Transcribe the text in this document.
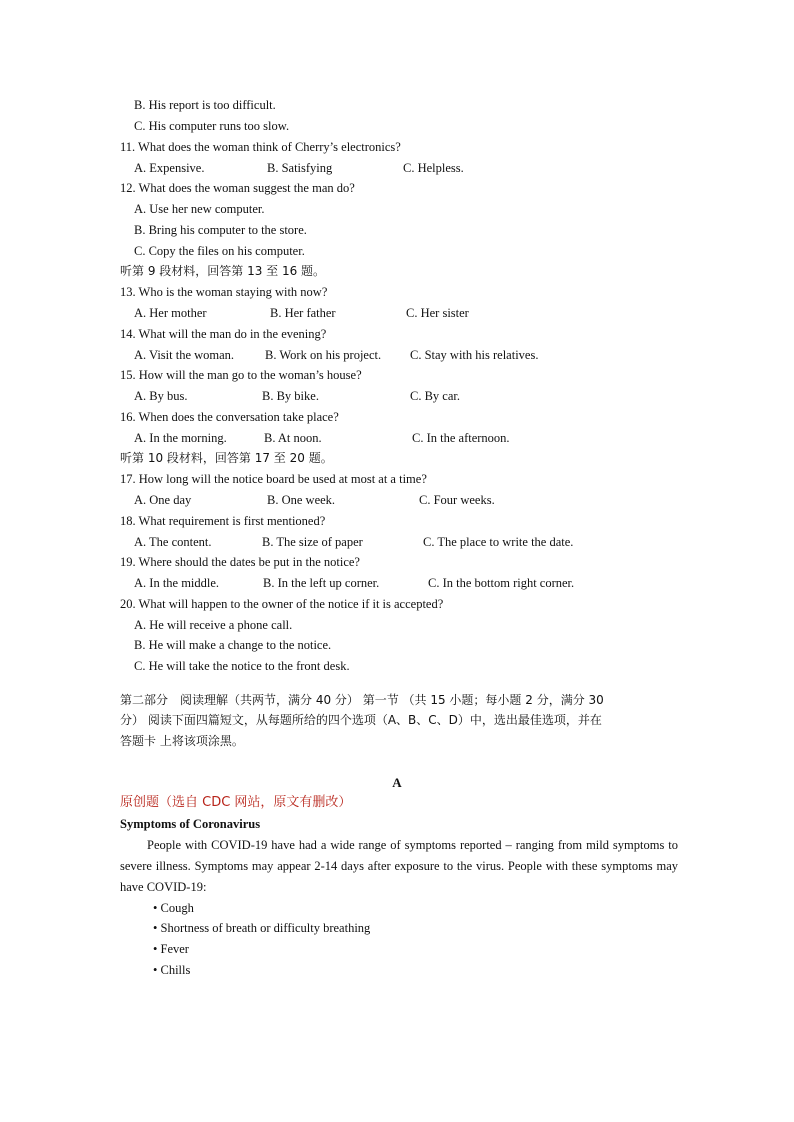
B. His report is too difficult.
C. His computer runs too slow.
11. What does the woman think of Cherry’s electronics?
A. Expensive.	B. Satisfying	C. Helpless.
12. What does the woman suggest the man do?
A. Use her new computer.
B. Bring his computer to the store.
C. Copy the files on his computer.
听第 9 段材料，回答第 13 至 16 题。
13. Who is the woman staying with now?
A. Her mother	B. Her father	C. Her sister
14. What will the man do in the evening?
A. Visit the woman. B. Work on his project. C. Stay with his relatives.
15. How will the man go to the woman’s house?
A. By bus.	B. By bike.	C. By car.
16. When does the conversation take place?
A. In the morning.	B. At noon.	C. In the afternoon.
听第 10 段材料，回答第 17 至 20 题。
17. How long will the notice board be used at most at a time?
A. One day	B. One week.	C. Four weeks.
18. What requirement is first mentioned?
A. The content.	B. The size of paper	C. The place to write the date.
19. Where should the dates be put in the notice?
A. In the middle.	B. In the left up corner.	C. In the bottom right corner.
20. What will happen to the owner of the notice if it is accepted?
A. He will receive a phone call.
B. He will make a change to the notice.
C. He will take the notice to the front desk.
第二部分　阅读理解（共两节，满分 40 分） 第一节 （共 15 小题；每小题 2 分，满分 30
分） 阅读下面四篇短文，从每题所给的四个选项（A、B、C、D）中，选出最佳选项，并在
答题卡 上将该项涂黑。
A
原创题（选自 CDC 网站，原文有删改）
Symptoms of Coronavirus
People with COVID-19 have had a wide range of symptoms reported – ranging from mild symptoms to severe illness. Symptoms may appear 2-14 days after exposure to the virus. People with these symptoms may have COVID-19:
• Cough
• Shortness of breath or difficulty breathing
• Fever
• Chills
